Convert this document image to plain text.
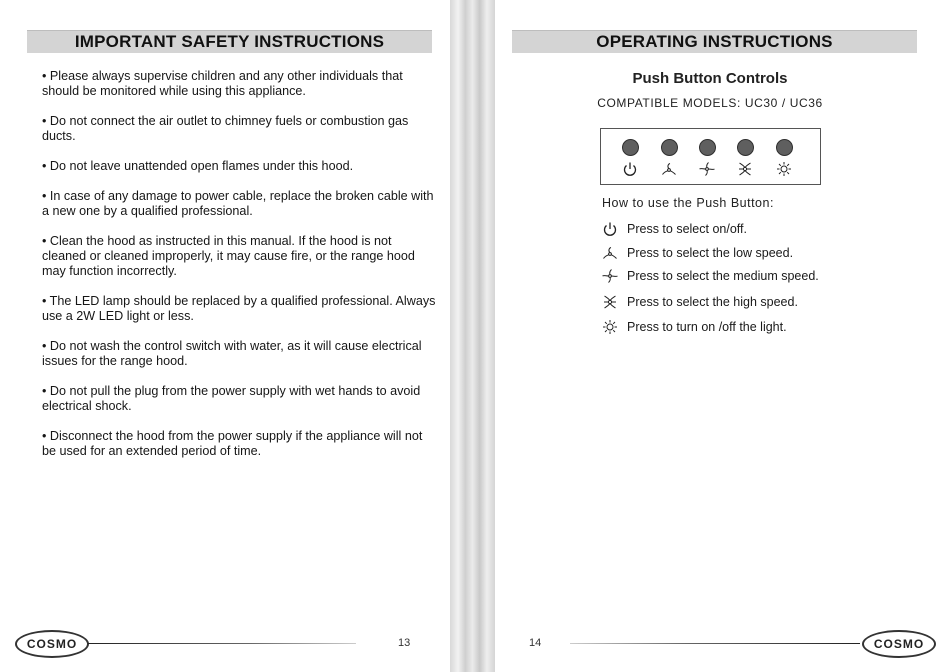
IMPORTANT SAFETY INSTRUCTIONS
• Please always supervise children and any other individuals that should be monitored while using this appliance.
• Do not connect the air outlet to chimney fuels or combustion gas ducts.
• Do not leave unattended open flames under this hood.
• In case of any damage to power cable, replace the broken cable with a new one by a qualified professional.
• Clean the hood as instructed in this manual. If the hood is not cleaned or cleaned improperly, it may cause fire, or the range hood may function incorrectly.
• The LED lamp should be replaced by a qualified professional. Always use a 2W LED light or less.
• Do not wash the control switch with water, as it will cause electrical issues for the range hood.
• Do not pull the plug from the power supply with wet hands to avoid electrical shock.
• Disconnect the hood from the power supply if the appliance will not be used for an extended period of time.
COSMO	13
OPERATING INSTRUCTIONS
Push Button Controls
COMPATIBLE MODELS: UC30 / UC36
How to use the Push Button:
Press to select on/off.
Press to select the low speed.
Press to select the medium speed.
Press to select the high speed.
Press to turn on /off the light.
14	COSMO
